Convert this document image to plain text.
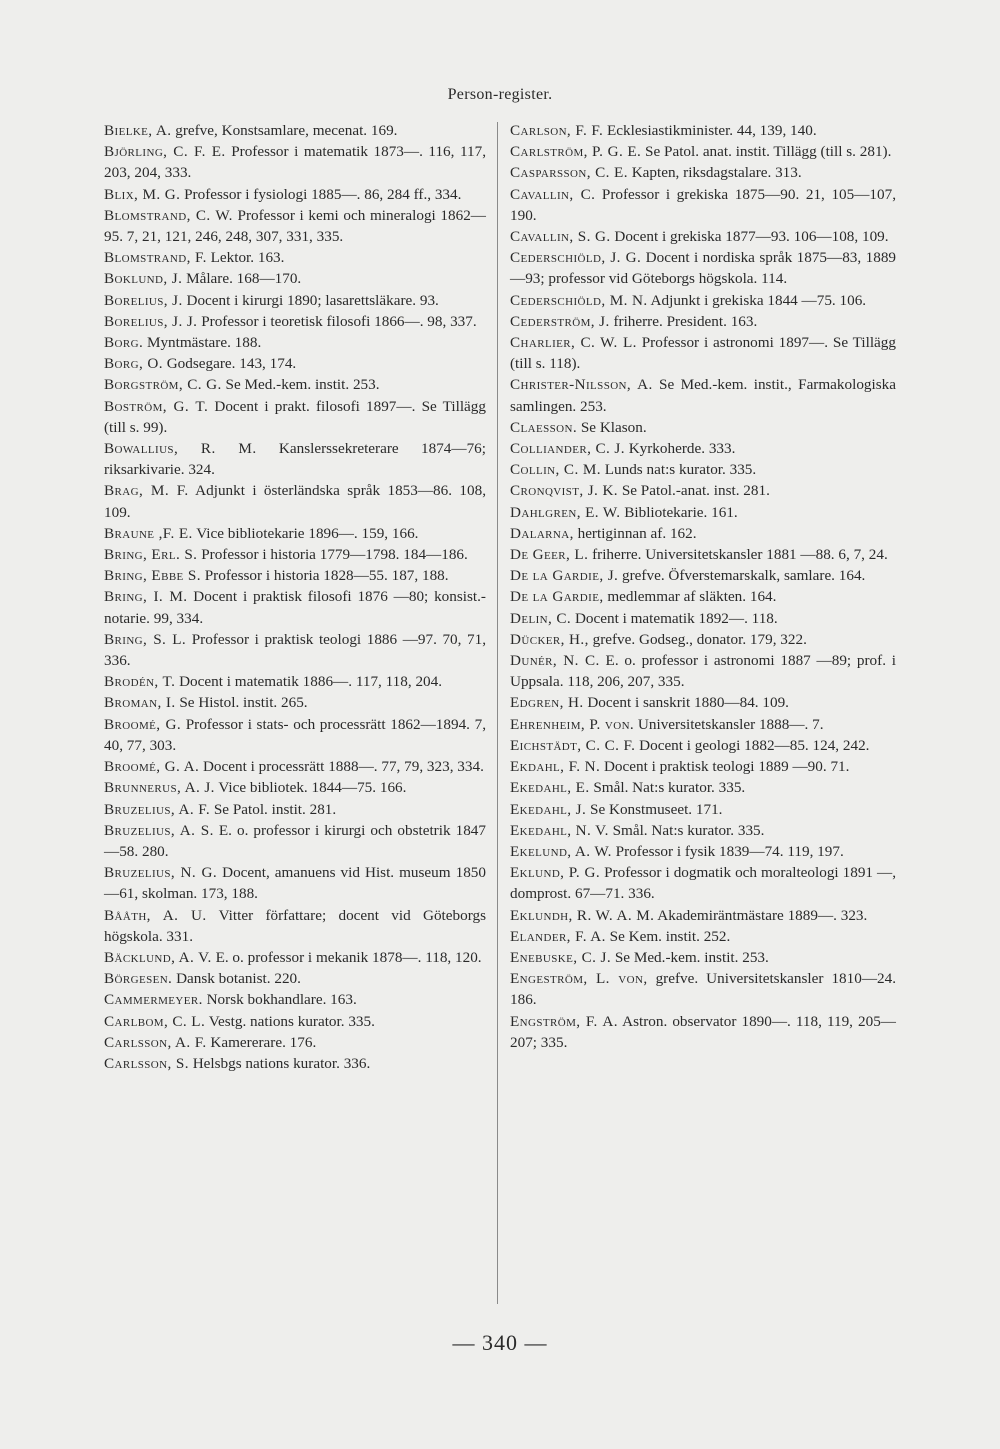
Person-register.

Bielke, A. grefve, Konstsamlare, mecenat. 169.

Björling, C. F. E. Professor i matematik 1873—. 116, 117, 203, 204, 333.

Blix, M. G. Professor i fysiologi 1885—. 86, 284 ff., 334.

Blomstrand, C. W. Professor i kemi och mineralogi 1862—95. 7, 21, 121, 246, 248, 307, 331, 335.

Blomstrand, F. Lektor. 163.

Boklund, J. Målare. 168—170.

Borelius, J. Docent i kirurgi 1890; lasarettsläkare. 93.

Borelius, J. J. Professor i teoretisk filosofi 1866—. 98, 337.

Borg. Myntmästare. 188.

Borg, O. Godsegare. 143, 174.

Borgström, C. G. Se Med.-kem. instit. 253.

Boström, G. T. Docent i prakt. filosofi 1897—. Se Tillägg (till s. 99).

Bowallius, R. M. Kanslerssekreterare 1874—76; riksarkivarie. 324.

Brag, M. F. Adjunkt i österländska språk 1853—86. 108, 109.

Braune ,F. E. Vice bibliotekarie 1896—. 159, 166.

Bring, Erl. S. Professor i historia 1779—1798. 184—186.

Bring, Ebbe S. Professor i historia 1828—55. 187, 188.

Bring, I. M. Docent i praktisk filosofi 1876 —80; konsist.-notarie. 99, 334.

Bring, S. L. Professor i praktisk teologi 1886 —97. 70, 71, 336.

Brodén, T. Docent i matematik 1886—. 117, 118, 204.

Broman, I. Se Histol. instit. 265.

Broomé, G. Professor i stats- och processrätt 1862—1894. 7, 40, 77, 303.

Broomé, G. A. Docent i processrätt 1888—. 77, 79, 323, 334.

Brunnerus, A. J. Vice bibliotek. 1844—75. 166.

Bruzelius, A. F. Se Patol. instit. 281.

Bruzelius, A. S. E. o. professor i kirurgi och obstetrik 1847—58. 280.

Bruzelius, N. G. Docent, amanuens vid Hist. museum 1850—61, skolman. 173, 188.

Bååth, A. U. Vitter författare; docent vid Göteborgs högskola. 331.

Bäcklund, A. V. E. o. professor i mekanik 1878—. 118, 120.

Börgesen. Dansk botanist. 220.

Cammermeyer. Norsk bokhandlare. 163.

Carlbom, C. L. Vestg. nations kurator. 335.

Carlsson, A. F. Kamererare. 176.

Carlsson, S. Helsbgs nations kurator. 336.

Carlson, F. F. Ecklesiastikminister. 44, 139, 140.

Carlström, P. G. E. Se Patol. anat. instit. Tillägg (till s. 281).

Casparsson, C. E. Kapten, riksdagstalare. 313.

Cavallin, C. Professor i grekiska 1875—90. 21, 105—107, 190.

Cavallin, S. G. Docent i grekiska 1877—93. 106—108, 109.

Cederschiöld, J. G. Docent i nordiska språk 1875—83, 1889—93; professor vid Göteborgs högskola. 114.

Cederschiöld, M. N. Adjunkt i grekiska 1844 —75. 106.

Cederström, J. friherre. President. 163.

Charlier, C. W. L. Professor i astronomi 1897—. Se Tillägg (till s. 118).

Christer-Nilsson, A. Se Med.-kem. instit., Farmakologiska samlingen. 253.

Claesson. Se Klason.

Colliander, C. J. Kyrkoherde. 333.

Collin, C. M. Lunds nat:s kurator. 335.

Cronqvist, J. K. Se Patol.-anat. inst. 281.

Dahlgren, E. W. Bibliotekarie. 161.

Dalarna, hertiginnan af. 162.

De Geer, L. friherre. Universitetskansler 1881 —88. 6, 7, 24.

De la Gardie, J. grefve. Öfverstemarskalk, samlare. 164.

De la Gardie, medlemmar af släkten. 164.

Delin, C. Docent i matematik 1892—. 118.

Dücker, H., grefve. Godseg., donator. 179, 322.

Dunér, N. C. E. o. professor i astronomi 1887 —89; prof. i Uppsala. 118, 206, 207, 335.

Edgren, H. Docent i sanskrit 1880—84. 109.

Ehrenheim, P. von. Universitetskansler 1888—. 7.

Eichstädt, C. C. F. Docent i geologi 1882—85. 124, 242.

Ekdahl, F. N. Docent i praktisk teologi 1889 —90. 71.

Ekedahl, E. Smål. Nat:s kurator. 335.

Ekedahl, J. Se Konstmuseet. 171.

Ekedahl, N. V. Smål. Nat:s kurator. 335.

Ekelund, A. W. Professor i fysik 1839—74. 119, 197.

Eklund, P. G. Professor i dogmatik och moralteologi 1891 —, domprost. 67—71. 336.

Eklundh, R. W. A. M. Akademiräntmästare 1889—. 323.

Elander, F. A. Se Kem. instit. 252.

Enebuske, C. J. Se Med.-kem. instit. 253.

Engeström, L. von, grefve. Universitetskansler 1810—24. 186.

Engström, F. A. Astron. observator 1890—. 118, 119, 205—207; 335.

— 340 —
